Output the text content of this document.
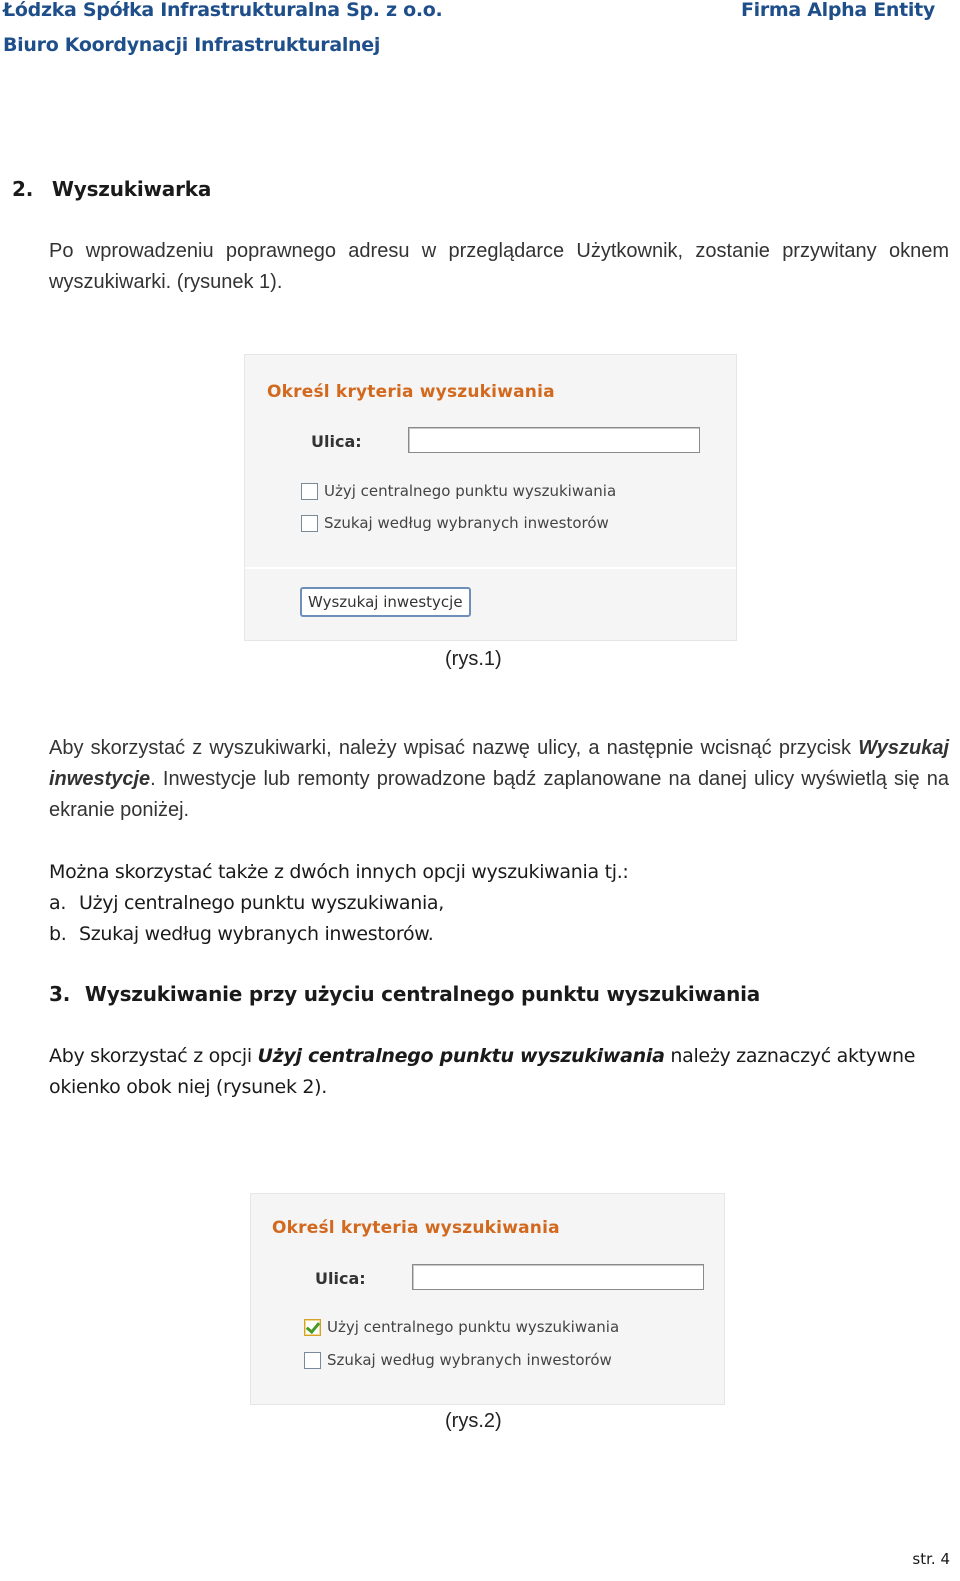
Łódzka Spółka Infrastrukturalna Sp. z o.o.
Biuro Koordynacji Infrastrukturalnej
Firma Alpha Entity
2. Wyszukiwarka
Po wprowadzeniu poprawnego adresu w przeglądarce Użytkownik, zostanie przywitany oknem wyszukiwarki. (rysunek 1).
Określ kryteria wyszukiwania
Ulica:
Użyj centralnego punktu wyszukiwania
Szukaj według wybranych inwestorów
Wyszukaj inwestycje
(rys.1)
Aby skorzystać z wyszukiwarki, należy wpisać nazwę ulicy, a następnie wcisnąć przycisk Wyszukaj inwestycje. Inwestycje lub remonty prowadzone bądź zaplanowane na danej ulicy wyświetlą się na ekranie poniżej.
Można skorzystać także z dwóch innych opcji wyszukiwania tj.:
a. Użyj centralnego punktu wyszukiwania,
b. Szukaj według wybranych inwestorów.
3. Wyszukiwanie przy użyciu centralnego punktu wyszukiwania
Aby skorzystać z opcji Użyj centralnego punktu wyszukiwania należy zaznaczyć aktywne okienko obok niej (rysunek 2).
Określ kryteria wyszukiwania
Ulica:
Użyj centralnego punktu wyszukiwania
Szukaj według wybranych inwestorów
(rys.2)
str. 4
